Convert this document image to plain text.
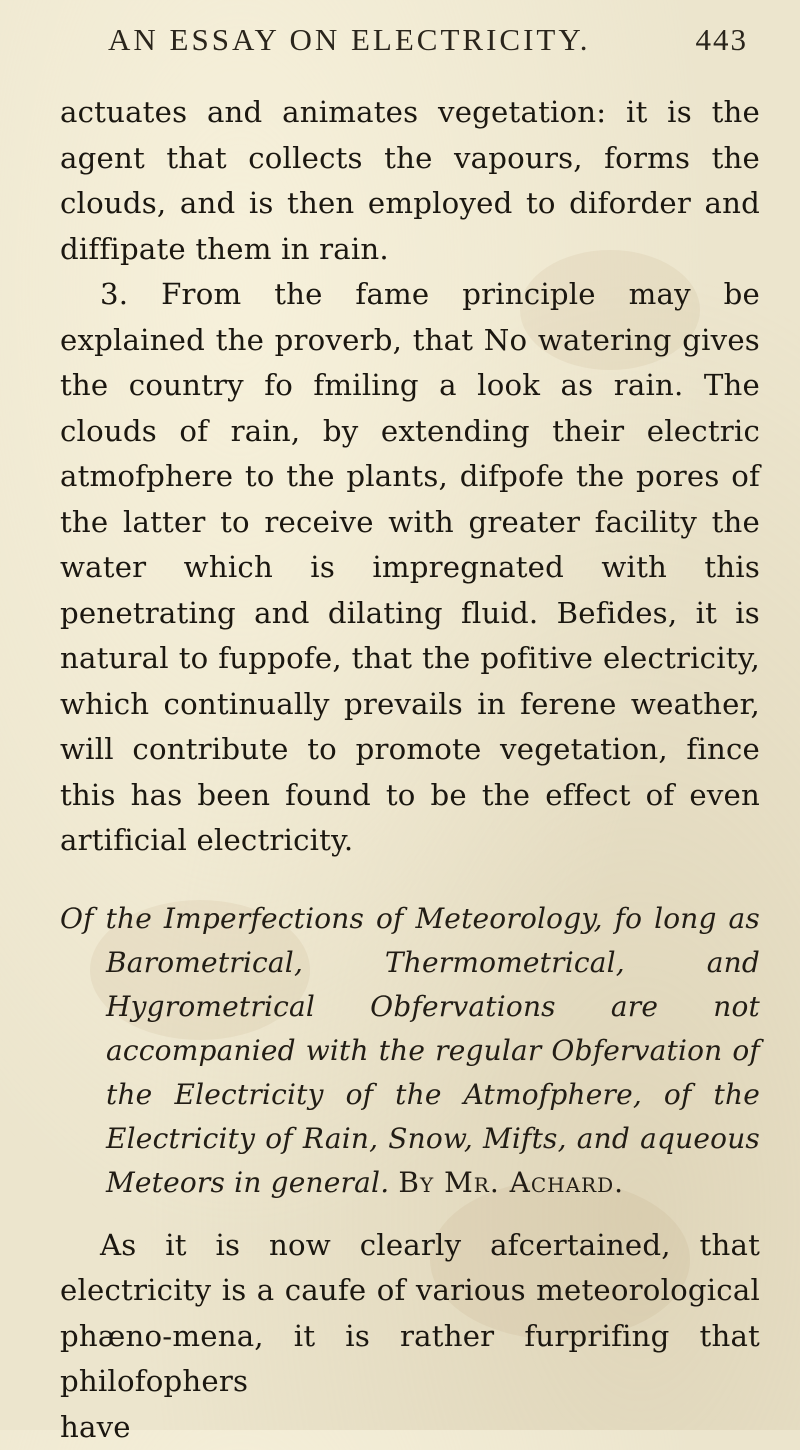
AN ESSAY ON ELECTRICITY.	443

actuates and animates vegetation: it is the agent that collects the vapours, forms the clouds, and is then employed to diforder and diffipate them in rain.

3. From the fame principle may be explained the proverb, that No watering gives the country fo fmiling a look as rain. The clouds of rain, by extending their electric atmofphere to the plants, difpofe the pores of the latter to receive with greater facility the water which is impregnated with this penetrating and dilating fluid. Befides, it is natural to fuppofe, that the pofitive electricity, which continually prevails in ferene weather, will contribute to promote vegetation, fince this has been found to be the effect of even artificial electricity.

Of the Imperfections of Meteorology, fo long as Barometrical, Thermometrical, and Hygrometrical Obfervations are not accompanied with the regular Obfervation of the Electricity of the Atmofphere, of the Electricity of Rain, Snow, Mifts, and aqueous Meteors in general. By Mr. Achard.

As it is now clearly afcertained, that electricity is a caufe of various meteorological phæno-mena, it is rather furprifing that philofophers

have
